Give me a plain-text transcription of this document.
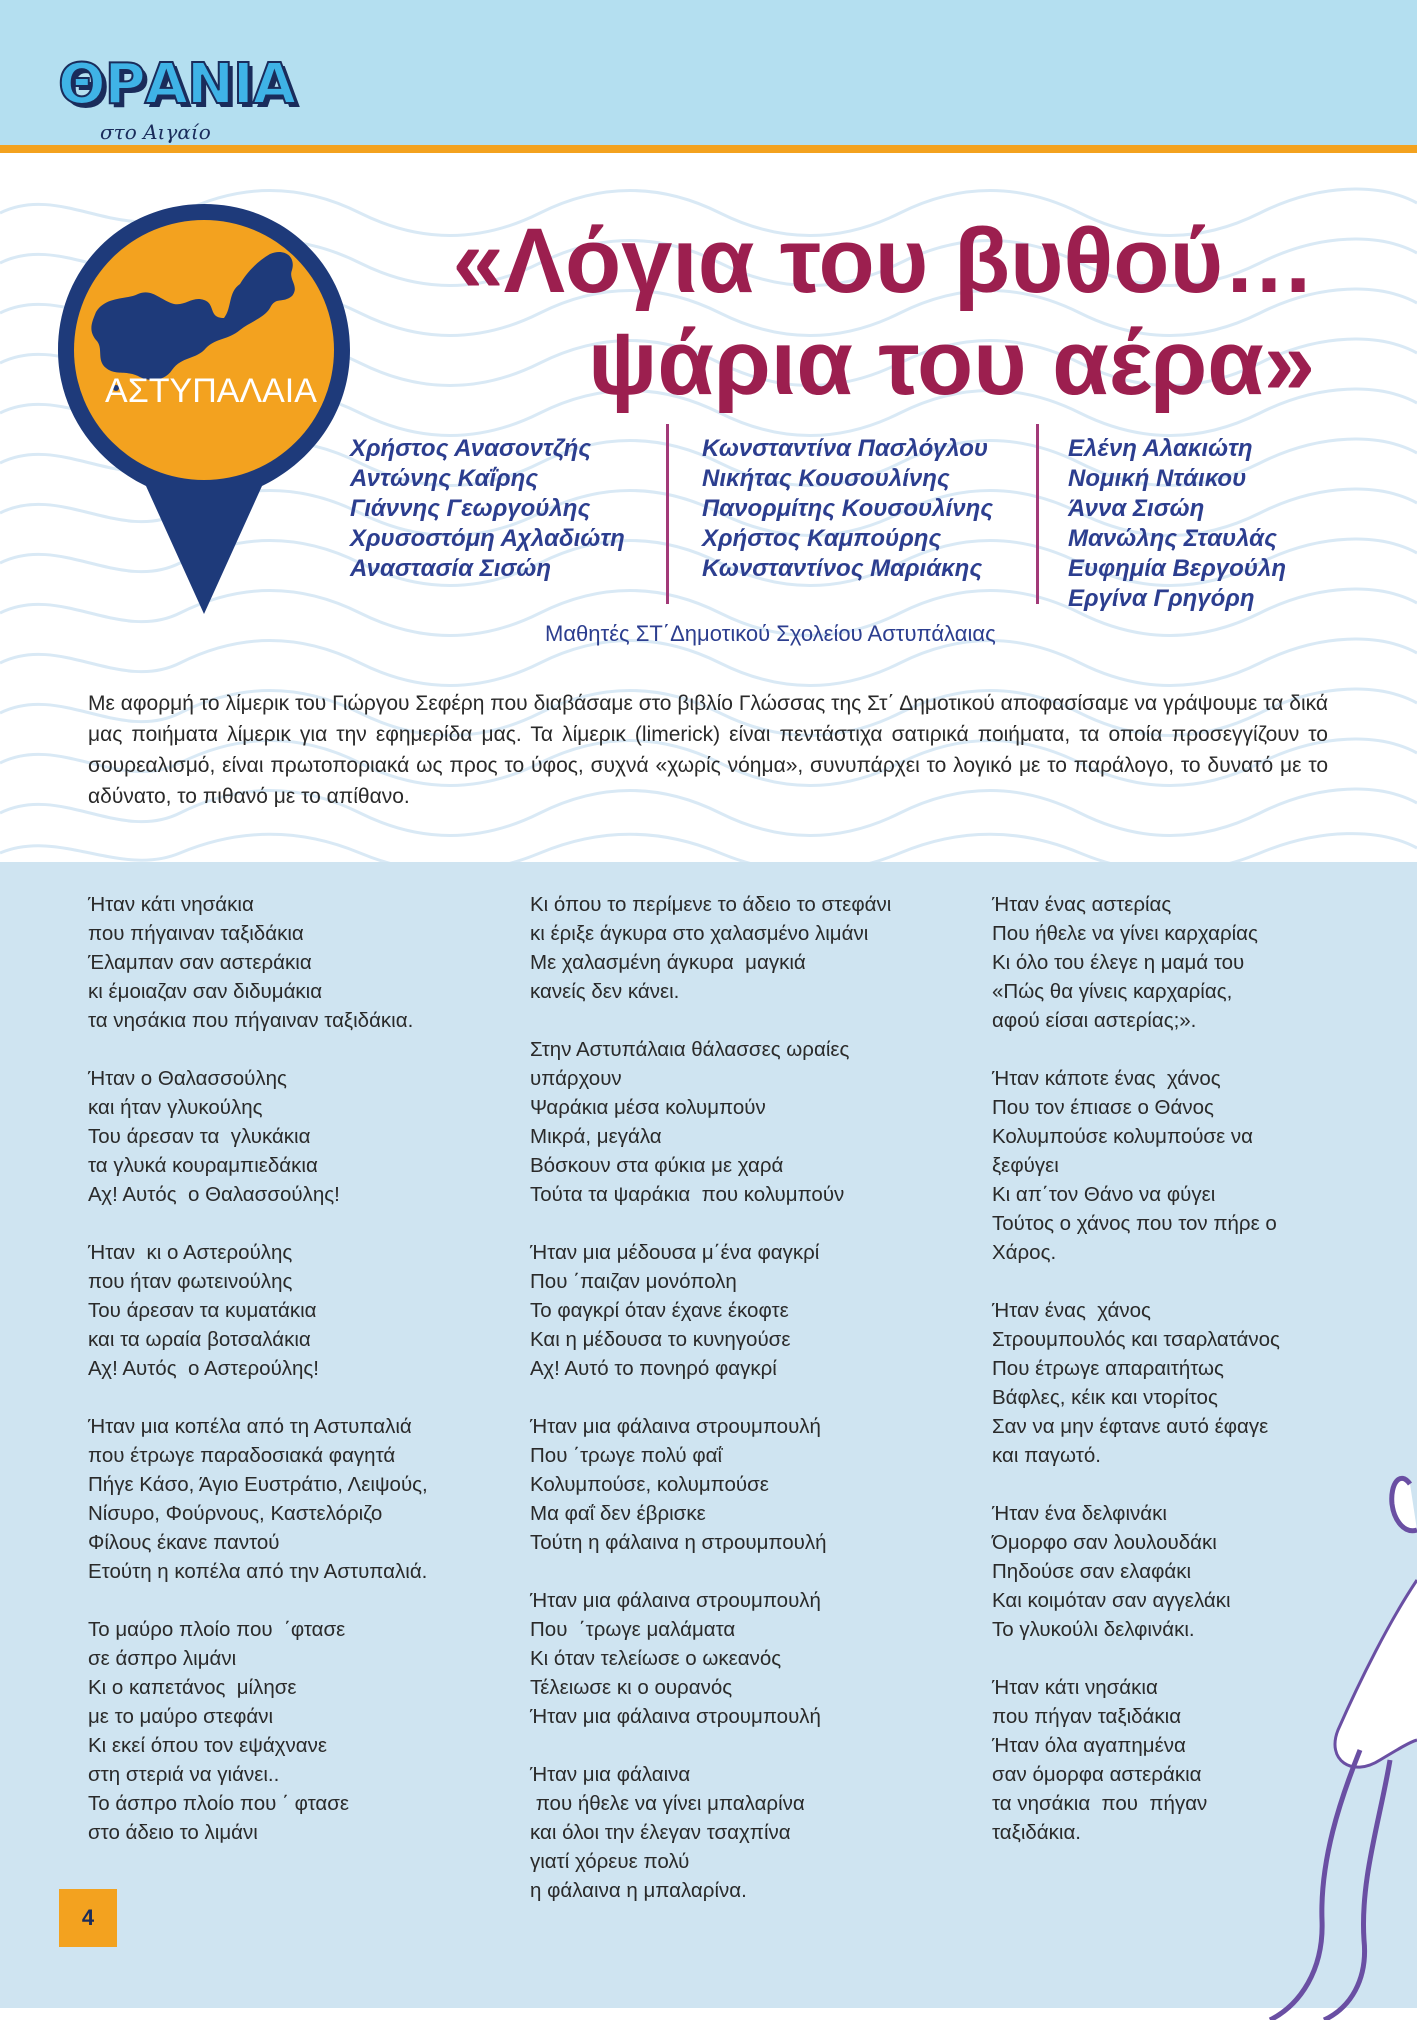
ΘΡΑΝΙΑ
στο Αιγαίο
ΑΣΤΥΠΑΛΑΙΑ
«Λόγια του βυθού…
ψάρια του αέρα»
Χρήστος Ανασοντζής
Αντώνης Καΐρης
Γιάννης Γεωργούλης
Χρυσοστόμη Αχλαδιώτη
Αναστασία Σισώη
Κωνσταντίνα Πασλόγλου
Νικήτας Κουσουλίνης
Πανορμίτης Κουσουλίνης
Χρήστος Καμπούρης
Κωνσταντίνος Μαριάκης
Ελένη Αλακιώτη
Νομική Ντάικου
Άννα Σισώη
Μανώλης Σταυλάς
Ευφημία Βεργούλη
Εργίνα Γρηγόρη
Μαθητές ΣΤ΄Δημοτικού Σχολείου Αστυπάλαιας
Με αφορμή το λίμερικ του Γιώργου Σεφέρη που διαβάσαμε στο βιβλίο Γλώσσας της Στ΄ Δημοτικού αποφασίσαμε να γράψουμε τα δικά μας ποιήματα λίμερικ για την εφημερίδα μας. Τα λίμερικ (limerick) είναι πεντάστιχα σατιρικά ποιήματα, τα οποία προσεγγίζουν το σουρεαλισμό, είναι πρωτοποριακά ως προς το ύφος, συχνά «χωρίς νόημα», συνυπάρχει το λογικό με το παράλογο, το δυνατό με το αδύνατο, το πιθανό με το απίθανο.
Ήταν κάτι νησάκια
που πήγαιναν ταξιδάκια
Έλαμπαν σαν αστεράκια
κι έμοιαζαν σαν διδυμάκια
τα νησάκια που πήγαιναν ταξιδάκια.
Ήταν ο Θαλασσούλης
και ήταν γλυκούλης
Του άρεσαν τα  γλυκάκια
τα γλυκά κουραμπιεδάκια
Αχ! Αυτός  ο Θαλασσούλης!
Ήταν  κι ο Αστερούλης
που ήταν φωτεινούλης
Του άρεσαν τα κυματάκια
και τα ωραία βοτσαλάκια
Αχ! Αυτός  ο Αστερούλης!
Ήταν μια κοπέλα από τη Αστυπαλιά
που έτρωγε παραδοσιακά φαγητά
Πήγε Κάσο, Άγιο Ευστράτιο, Λειψούς,
Νίσυρο, Φούρνους, Καστελόριζο
Φίλους έκανε παντού
Ετούτη η κοπέλα από την Αστυπαλιά.
Το μαύρο πλοίο που  ΄φτασε
σε άσπρο λιμάνι
Κι ο καπετάνος  μίλησε
με το μαύρο στεφάνι
Κι εκεί όπου τον εψάχνανε
στη στεριά να γιάνει..
Το άσπρο πλοίο που ΄ φτασε
στο άδειο το λιμάνι
Κι όπου το περίμενε το άδειο το στεφάνι
κι έριξε άγκυρα στο χαλασμένο λιμάνι
Με χαλασμένη άγκυρα  μαγκιά
κανείς δεν κάνει.
Στην Αστυπάλαια θάλασσες ωραίες
υπάρχουν
Ψαράκια μέσα κολυμπούν
Μικρά, μεγάλα
Βόσκουν στα φύκια με χαρά
Τούτα τα ψαράκια  που κολυμπούν
Ήταν μια μέδουσα μ΄ένα φαγκρί
Που ΄παιζαν μονόπολη
Το φαγκρί όταν έχανε έκοφτε
Και η μέδουσα το κυνηγούσε
Αχ! Αυτό το πονηρό φαγκρί
Ήταν μια φάλαινα στρουμπουλή
Που ΄τρωγε πολύ φαΐ
Κολυμπούσε, κολυμπούσε
Μα φαΐ δεν έβρισκε
Τούτη η φάλαινα η στρουμπουλή
Ήταν μια φάλαινα στρουμπουλή
Που  ΄τρωγε μαλάματα
Κι όταν τελείωσε ο ωκεανός
Τέλειωσε κι ο ουρανός
Ήταν μια φάλαινα στρουμπουλή
Ήταν μια φάλαινα
που ήθελε να γίνει μπαλαρίνα
και όλοι την έλεγαν τσαχπίνα
γιατί χόρευε πολύ
η φάλαινα η μπαλαρίνα.
Ήταν ένας αστερίας
Που ήθελε να γίνει καρχαρίας
Κι όλο του έλεγε η μαμά του
«Πώς θα γίνεις καρχαρίας,
αφού είσαι αστερίας;».
Ήταν κάποτε ένας  χάνος
Που τον έπιασε ο Θάνος
Κολυμπούσε κολυμπούσε να
ξεφύγει
Κι απ΄τον Θάνο να φύγει
Τούτος ο χάνος που τον πήρε ο
Χάρος.
Ήταν ένας  χάνος
Στρουμπουλός και τσαρλατάνος
Που έτρωγε απαραιτήτως
Βάφλες, κέικ και ντορίτος
Σαν να μην έφτανε αυτό έφαγε
και παγωτό.
Ήταν ένα δελφινάκι
Όμορφο σαν λουλουδάκι
Πηδούσε σαν ελαφάκι
Και κοιμόταν σαν αγγελάκι
Το γλυκούλι δελφινάκι.
Ήταν κάτι νησάκια
που πήγαν ταξιδάκια
Ήταν όλα αγαπημένα
σαν όμορφα αστεράκια
τα νησάκια  που  πήγαν
ταξιδάκια.
4
